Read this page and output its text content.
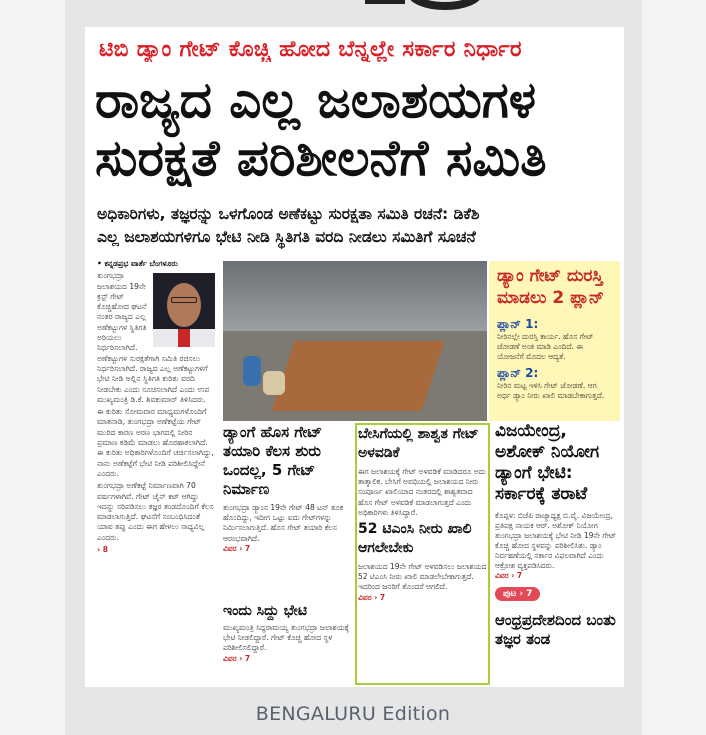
ಟಿಬಿ ಡ್ಯಾಂ ಗೇಟ್ ಕೊಚ್ಚಿ ಹೋದ ಬೆನ್ನಲ್ಲೇ ಸರ್ಕಾರ ನಿರ್ಧಾರ
ರಾಜ್ಯದ ಎಲ್ಲ ಜಲಾಶಯಗಳ
ಸುರಕ್ಷತೆ ಪರಿಶೀಲನೆಗೆ ಸಮಿತಿ
ಅಧಿಕಾರಿಗಳು, ತಜ್ಞರನ್ನು ಒಳಗೊಂಡ ಅಣೆಕಟ್ಟು ಸುರಕ್ಷತಾ ಸಮಿತಿ ರಚನೆ: ಡಿಕೆಶಿ
ಎಲ್ಲ ಜಲಾಶಯಗಳಿಗೂ ಭೇಟಿ ನೀಡಿ ಸ್ಥಿತಿಗತಿ ವರದಿ ನೀಡಲು ಸಮಿತಿಗೆ ಸೂಚನೆ

• ಕನ್ನಡಪ್ರಭ ವಾರ್ತೆ ಬೆಂಗಳೂರು

ತುಂಗಭದ್ರಾ ಜಲಾಶಯದ 19ನೇ ಕ್ರಸ್ಟ್ ಗೇಟ್ ಕೊಚ್ಚಿಹೋದ ಘಟನೆ ನಂತರ ರಾಜ್ಯದ ಎಲ್ಲ ಅಣೆಕಟ್ಟುಗಳ ಸ್ಥಿತಿಗತಿ ಅರಿಯಲು ನಿರ್ಧರಿಸಲಾಗಿದೆ. ಅಣೆಕಟ್ಟುಗಳ ಸುರಕ್ಷತೆಗಾಗಿ ಸಮಿತಿ ರಚಿಸಲು ನಿರ್ಧರಿಸಲಾಗಿದೆ. ರಾಜ್ಯದ ಎಲ್ಲ ಅಣೆಕಟ್ಟುಗಳಿಗೆ ಭೇಟಿ ನೀಡಿ ಅಲ್ಲಿನ ಸ್ಥಿತಿಗತಿ ಕುರಿತು ವರದಿ ನೀಡಬೇಕು ಎಂದು ಸೂಚಿಸಲಾಗಿದೆ ಎಂದು ಉಪ ಮುಖ್ಯಮಂತ್ರಿ ಡಿ.ಕೆ. ಶಿವಕುಮಾರ್ ತಿಳಿಸಿದರು.

ಈ ಕುರಿತು ಸೋಮವಾರ ಮಾಧ್ಯಮಗಳೊಂದಿಗೆ ಮಾತನಾಡಿ, ತುಂಗಭದ್ರಾ ಅಣೆಕಟ್ಟೆಯ ಗೇಟ್ ಮುರಿದ ಕಾರಣ ಅರಣ ಭಾಗದಲ್ಲಿ ನೀರಿನ ಪ್ರಮಾಣ ಕಡಿಮೆ ಮಾಡಲು ಹೊರಹಾಕಲಾಗಿದೆ. ಈ ಕುರಿತು ಅಧಿಕಾರಿಗಳೊಂದಿಗೆ ಚರ್ಚಿಸಲಾಗಿದ್ದು, ನಾನು ಅಣೆಕಟ್ಟೆಗೆ ಭೇಟಿ ನೀಡಿ ಪರಿಶೀಲಿಸಿದ್ದೇನೆ ಎಂದರು.

ತುಂಗಭದ್ರಾ ಅಣೆಕಟ್ಟೆ ನಿರ್ಮಾಣವಾಗಿ 70 ವರ್ಷಗಳಾಗಿವೆ. ಗೇಟ್ ಚೈನ್ ಕಟ್ ಆಗಿದ್ದು ಇದನ್ನು ಸರಿಪಡಿಸಲು ತಜ್ಞರ ತಂಡದೊಂದಿಗೆ ಕೆಲಸ ಮಾಡಲಾಗುತ್ತಿದೆ. ಘಟನೆಗೆ ಸಂಬಂಧಿಸಿದಂತೆ ಯಾವ ತಪ್ಪು ಎಂದು ಈಗ ಹೇಳಲು ಸಾಧ್ಯವಿಲ್ಲ ಎಂದರು.

› 8

ಡ್ಯಾಂ ಗೇಟ್ ದುರಸ್ತಿ ಮಾಡಲು 2 ಪ್ಲಾನ್
ಪ್ಲಾನ್ 1:
ನೀರಿನಲ್ಲೇ ದುರಸ್ತಿ ಕಾರ್ಯ. ಹೊಸ ಗೇಟ್ ಜೋಡಣೆ ಅಂತ ಮಾಡಿ ಎಂದಿದೆ. ಈ ಯೋಜನೆಗೆ ಮೊದಲ ಆದ್ಯತೆ.
ಪ್ಲಾನ್ 2:
ನೀರಿನ ಮಟ್ಟ ಇಳಿಸಿ ಗೇಟ್ ಜೋಡಣೆ. ಆಗ ಅರ್ಧ ಡ್ಯಾಂ ನೀರು ಖಾಲಿ ಮಾಡಬೇಕಾಗುತ್ತದೆ.
ಡ್ಯಾಂಗೆ ಹೊಸ ಗೇಟ್ ತಯಾರಿ ಕೆಲಸ ಶುರು ಒಂದಲ್ಲ, 5 ಗೇಟ್ ನಿರ್ಮಾಣ
ತುಂಗಭದ್ರಾ ಡ್ಯಾಂನ 19ನೇ ಗೇಟ್ 48 ಟನ್ ತೂಕ ಹೊಂದಿದ್ದು, ಇದೀಗ ಒಟ್ಟು ಐದು ಗೇಟ್‌ಗಳನ್ನು ನಿರ್ಮಿಸಲಾಗುತ್ತಿದೆ. ಹೊಸ ಗೇಟ್ ತಯಾರಿ ಕೆಲಸ ಆರಂಭವಾಗಿದೆ.
ವಿವರ › 7
ಬೇಸಿಗೆಯಲ್ಲಿ ಶಾಶ್ವತ ಗೇಟ್ ಅಳವಡಿಕೆ
ಈಗ ಜಲಾಶಯಕ್ಕೆ ಗೇಟ್ ಅಳವಡಿಕೆ ಮಾಡಿದರೂ ಅದು ತಾತ್ಕಾಲಿಕ. ಬೇಸಿಗೆ ಅವಧಿಯಲ್ಲಿ ಜಲಾಶಯದ ನೀರು ಸಂಪೂರ್ಣ ಖಾಲಿಯಾದ ನಂತರದಲ್ಲಿ ಶಾಶ್ವತವಾದ ಹೊಸ ಗೇಟ್ ಅಳವಡಿಕೆ ಮಾಡಲಾಗುತ್ತದೆ ಎಂದು ಅಧಿಕಾರಿಗಳು ತಿಳಿಸಿದ್ದಾರೆ.
52 ಟಿಎಂಸಿ ನೀರು ಖಾಲಿ ಆಗಲೇಬೇಕು
ಜಲಾಶಯದ 19ನೇ ಗೇಟ್ ಅಳವಡಿಸಲು ಜಲಾಶಯದ 52 ಟಿಎಂಸಿ ನೀರು ಖಾಲಿ ಮಾಡಲೇಬೇಕಾಗುತ್ತದೆ. ಇದರಿಂದ ಜನರಿಗೆ ತೊಂದರೆ ಆಗಲಿದೆ.
ವಿವರ › 7
ಇಂದು ಸಿದ್ದು ಭೇಟಿ
ಮುಖ್ಯಮಂತ್ರಿ ಸಿದ್ದರಾಮಯ್ಯ ತುಂಗಭದ್ರಾ ಜಲಾಶಯಕ್ಕೆ ಭೇಟಿ ನೀಡಲಿದ್ದಾರೆ. ಗೇಟ್ ಕೊಚ್ಚಿ ಹೋದ ಸ್ಥಳ ಪರಿಶೀಲಿಸಲಿದ್ದಾರೆ.
ವಿವರ › 7
ವಿಜಯೇಂದ್ರ, ಅಶೋಕ್ ನಿಯೋಗ ಡ್ಯಾಂಗೆ ಭೇಟಿ: ಸರ್ಕಾರಕ್ಕೆ ತರಾಟೆ
ಕೊಪ್ಪಳ: ಬಿಜೆಪಿ ರಾಜ್ಯಾಧ್ಯಕ್ಷ ಬಿ.ವೈ. ವಿಜಯೇಂದ್ರ, ಪ್ರತಿಪಕ್ಷ ನಾಯಕ ಆರ್. ಅಶೋಕ್ ನಿಯೋಗ ತುಂಗಭದ್ರಾ ಜಲಾಶಯಕ್ಕೆ ಭೇಟಿ ನೀಡಿ 19ನೇ ಗೇಟ್ ಕೊಚ್ಚಿ ಹೋದ ಸ್ಥಳವನ್ನು ಪರಿಶೀಲಿಸಿತು. ಡ್ಯಾಂ ನಿರ್ವಹಣೆಯಲ್ಲಿ ಸರ್ಕಾರ ವಿಫಲವಾಗಿದೆ ಎಂದು ಆಕ್ರೋಶ ವ್ಯಕ್ತಪಡಿಸಿದರು.
ವಿವರ › 7
ಪುಟ › 7
ಆಂಧ್ರಪ್ರದೇಶದಿಂದ ಬಂತು ತಜ್ಞರ ತಂಡ
BENGALURU Edition
